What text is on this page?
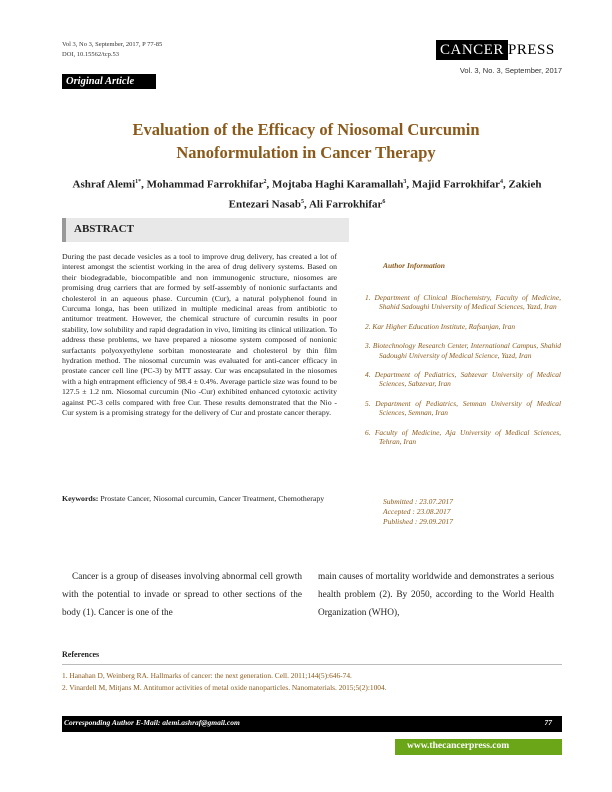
Vol 3, No 3, September, 2017, P 77-85
DOI, 10.15562/tcp.53	CANCER PRESS
Vol. 3, No. 3, September, 2017
Original Article
Evaluation of the Efficacy of Niosomal Curcumin Nanoformulation in Cancer Therapy
Ashraf Alemi$^{1*}$, Mohammad Farrokhifar$^2$, Mojtaba Haghi Karamallah$^3$, Majid Farrokhifar$^4$, Zakieh Entezari Nasab$^5$, Ali Farrokhifar$^6$
ABSTRACT
During the past decade vesicles as a tool to improve drug delivery, has created a lot of interest amongst the scientist working in the area of drug delivery systems. Based on their biodegradable, biocompatible and non immunogenic structure, niosomes are promising drug carriers that are formed by self-assembly of nonionic surfactants and cholesterol in an aqueous phase. Curcumin (Cur), a natural polyphenol found in Curcuma longa, has been utilized in multiple medicinal areas from antibiotic to antitumor treatment. However, the chemical structure of curcumin results in poor stability, low solubility and rapid degradation in vivo, limiting its clinical utilization. To address these problems, we have prepared a niosome system composed of nonionic surfactants polyoxyethylene sorbitan monostearate and cholesterol by thin film hydration method. The niosomal curcumin was evaluated for anti-cancer efficacy in prostate cancer cell line (PC-3) by MTT assay. Cur was encapsulated in the niosomes with a high entrapment efficiency of 98.4 ± 0.4%. Average particle size was found to be 127.5 ± 1.2 nm. Niosomal curcumin (Nio -Cur) exhibited enhanced cytotoxic activity against PC-3 cells compared with free Cur. These results demonstrated that the Nio -Cur system is a promising strategy for the delivery of Cur and prostate cancer therapy.
Keywords: Prostate Cancer, Niosomal curcumin, Cancer Treatment, Chemotherapy
Author Information
1. Department of Clinical Biochemistry, Faculty of Medicine, Shahid Sadoughi University of Medical Sciences, Yazd, Iran
2. Kar Higher Education Institute, Rafsanjan, Iran
3. Biotechnology Research Center, International Campus, Shahid Sadoughi University of Medical Science, Yazd, Iran
4. Department of Pediatrics, Sabzevar University of Medical Sciences, Sabzevar, Iran
5. Department of Pediatrics, Semnan University of Medical Sciences, Semnan, Iran
6. Faculty of Medicine, Aja University of Medical Sciences, Tehran, Iran
Submitted : 23.07.2017
Accepted : 23.08.2017
Published : 29.09.2017
Cancer is a group of diseases involving abnormal cell growth with the potential to invade or spread to other sections of the body (1). Cancer is one of the
main causes of mortality worldwide and demonstrates a serious health problem (2). By 2050, according to the World Health Organization (WHO),
References
1. Hanahan D, Weinberg RA. Hallmarks of cancer: the next generation. Cell. 2011;144(5):646-74.
2. Vinardell M, Mitjans M. Antitumor activities of metal oxide nanoparticles. Nanomaterials. 2015;5(2):1004.
Corresponding Author E-Mail: alemi.ashraf@gmail.com	77
www.thecancerpress.com
